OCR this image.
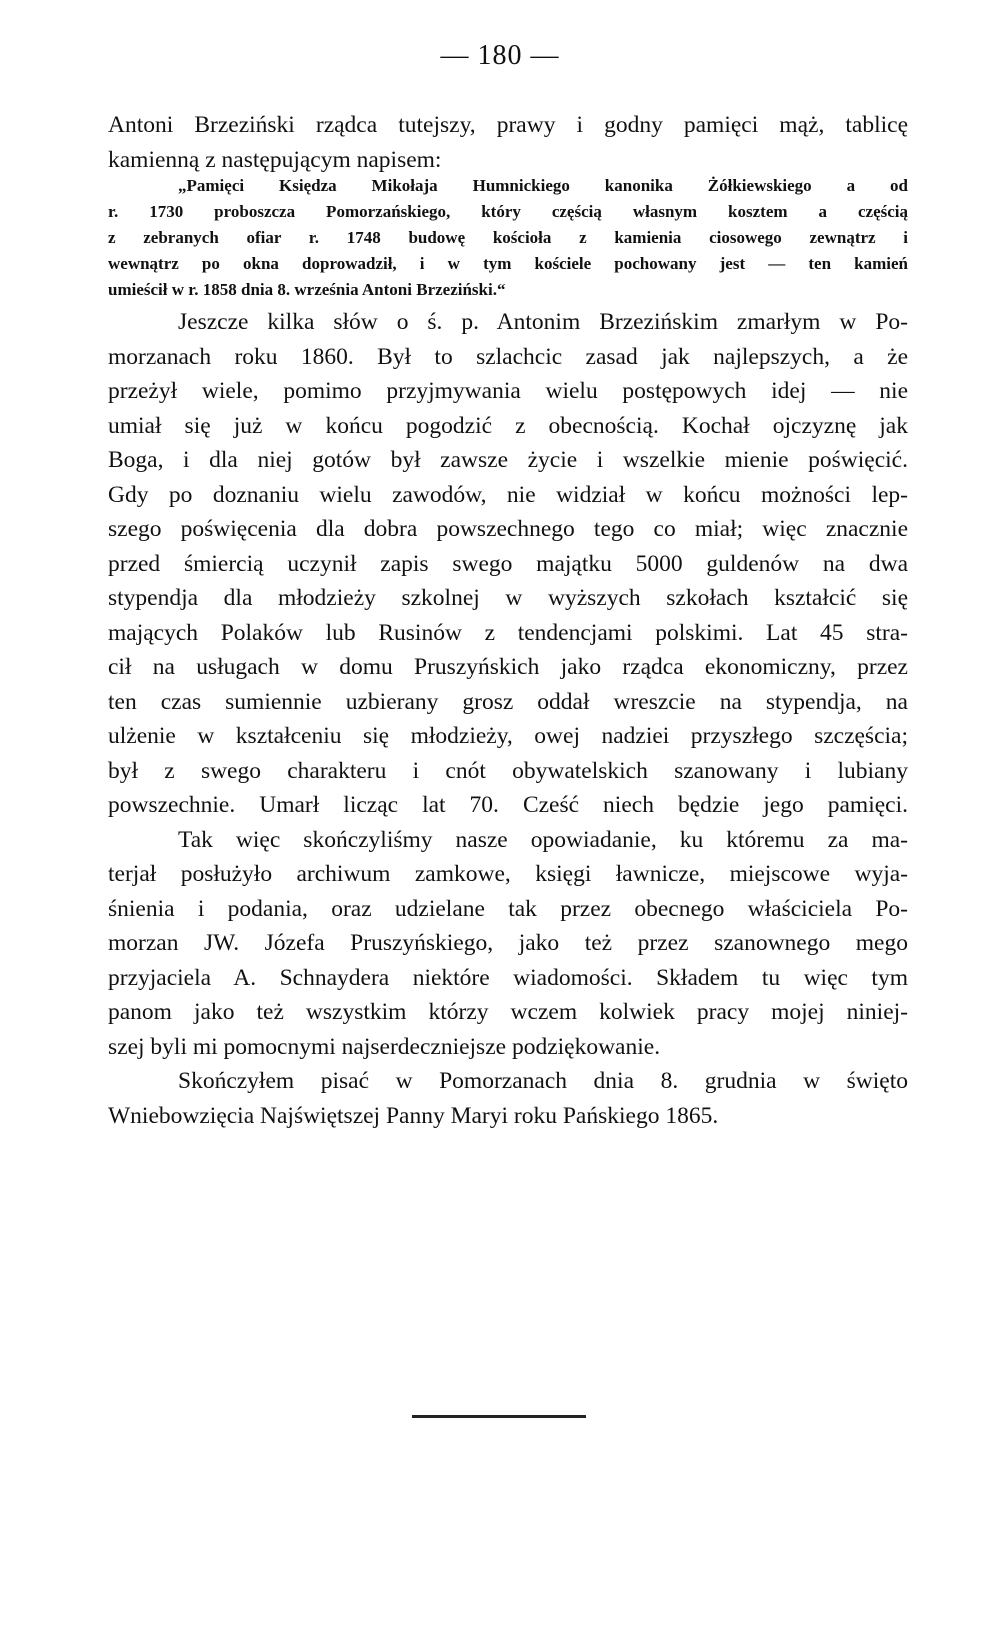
— 180 —
Antoni Brzeziński rządca tutejszy, prawy i godny pamięci mąż, tablicę
kamienną z następującym napisem:
„Pamięci Księdza Mikołaja Humnickiego kanonika Żółkiewskiego a od
r. 1730 proboszcza Pomorzańskiego, który częścią własnym kosztem a częścią
z zebranych ofiar r. 1748 budowę kościoła z kamienia ciosowego zewnątrz i
wewnątrz po okna doprowadził, i w tym kościele pochowany jest — ten kamień
umieścił w r. 1858 dnia 8. września Antoni Brzeziński.“
Jeszcze kilka słów o ś. p. Antonim Brzezińskim zmarłym w Po-
morzanach roku 1860. Był to szlachcic zasad jak najlepszych, a że
przeżył wiele, pomimo przyjmywania wielu postępowych idej — nie
umiał się już w końcu pogodzić z obecnością. Kochał ojczyznę jak
Boga, i dla niej gotów był zawsze życie i wszelkie mienie poświęcić.
Gdy po doznaniu wielu zawodów, nie widział w końcu możności lep-
szego poświęcenia dla dobra powszechnego tego co miał; więc znacznie
przed śmiercią uczynił zapis swego majątku 5000 guldenów na dwa
stypendja dla młodzieży szkolnej w wyższych szkołach kształcić się
mających Polaków lub Rusinów z tendencjami polskimi. Lat 45 stra-
cił na usługach w domu Pruszyńskich jako rządca ekonomiczny, przez
ten czas sumiennie uzbierany grosz oddał wreszcie na stypendja, na
ulżenie w kształceniu się młodzieży, owej nadziei przyszłego szczęścia;
był z swego charakteru i cnót obywatelskich szanowany i lubiany
powszechnie. Umarł licząc lat 70. Cześć niech będzie jego pamięci.
Tak więc skończyliśmy nasze opowiadanie, ku któremu za ma-
terjał posłużyło archiwum zamkowe, księgi ławnicze, miejscowe wyja-
śnienia i podania, oraz udzielane tak przez obecnego właściciela Po-
morzan JW. Józefa Pruszyńskiego, jako też przez szanownego mego
przyjaciela A. Schnaydera niektóre wiadomości. Składem tu więc tym
panom jako też wszystkim którzy wczem kolwiek pracy mojej niniej-
szej byli mi pomocnymi najserdeczniejsze podziękowanie.
Skończyłem pisać w Pomorzanach dnia 8. grudnia w święto
Wniebowzięcia Najświętszej Panny Maryi roku Pańskiego 1865.
